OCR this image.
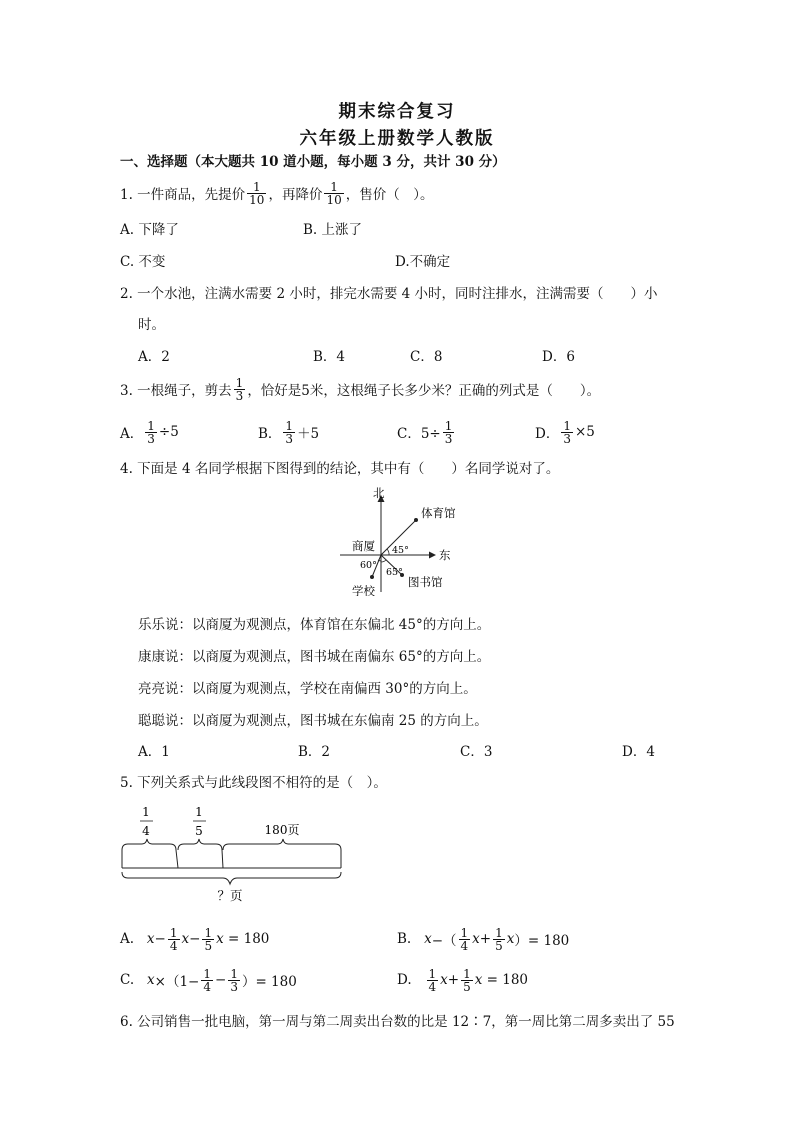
期末综合复习
六年级上册数学人教版
一、选择题（本大题共 10 道小题，每小题 3 分，共计 30 分）
1. 一件商品，先提价 $\frac{1}{10}$ ，再降价 $\frac{1}{10}$ ，售价（　）。
A. 下降了	B. 上涨了
C. 不变	D.不确定
2. 一个水池，注满水需要 2 小时，排完水需要 4 小时，同时注排水，注满需要（　　）小
时。
A．2	B．4	C．8	D．6
3. 一根绳子，剪去 $\frac{1}{3}$ ，恰好是5米，这根绳子长多少米？正确的列式是（　　）。
A． $\frac{1}{3} \div 5$	B． $\frac{1}{3} +5$	C．$5\div \frac{1}{3}$	D． $\frac{1}{3} \times 5$
4. 下面是 4 名同学根据下图得到的结论，其中有（　　）名同学说对了。
北
东
商厦
体育馆
图书馆
学校
45°
65°
60°
乐乐说：以商厦为观测点，体育馆在东偏北 45°的方向上。
康康说：以商厦为观测点，图书城在南偏东 65°的方向上。
亮亮说：以商厦为观测点，学校在南偏西 30°的方向上。
聪聪说：以商厦为观测点，图书城在东偏南 25 的方向上。
A．1	B．2	C．3	D．4
5. 下列关系式与此线段图不相符的是（　）。
1
4
1
5	180页
？页
A.
$x - \frac{1}{4}$ $x - \frac{1}{5}$ x
= 180	B.
x −（ $\frac{1}{4}$ $x + \frac{1}{5}$ x ）= 180
C.
$x \times(1- \frac{1}{4} - \frac{1}{3}$ ）= 180	D.
$\frac{1}{4}$ $x + \frac{1}{5}$ x
= 180
6. 公司销售一批电脑，第一周与第二周卖出台数的比是 12∶7，第一周比第二周多卖出了 55
